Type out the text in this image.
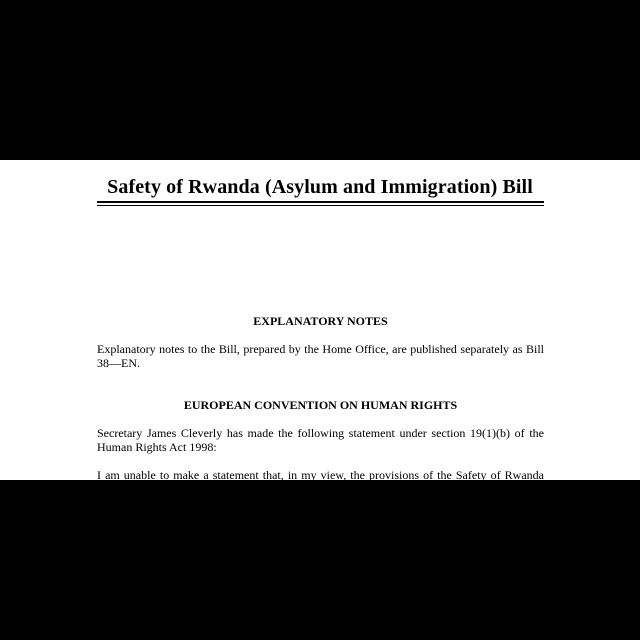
Safety of Rwanda (Asylum and Immigration) Bill
EXPLANATORY NOTES

Explanatory notes to the Bill, prepared by the Home Office, are published separately as Bill 38—EN.

EUROPEAN CONVENTION ON HUMAN RIGHTS

Secretary James Cleverly has made the following statement under section 19(1)(b) of the Human Rights Act 1998:

I am unable to make a statement that, in my view, the provisions of the Safety of Rwanda (Asylum
